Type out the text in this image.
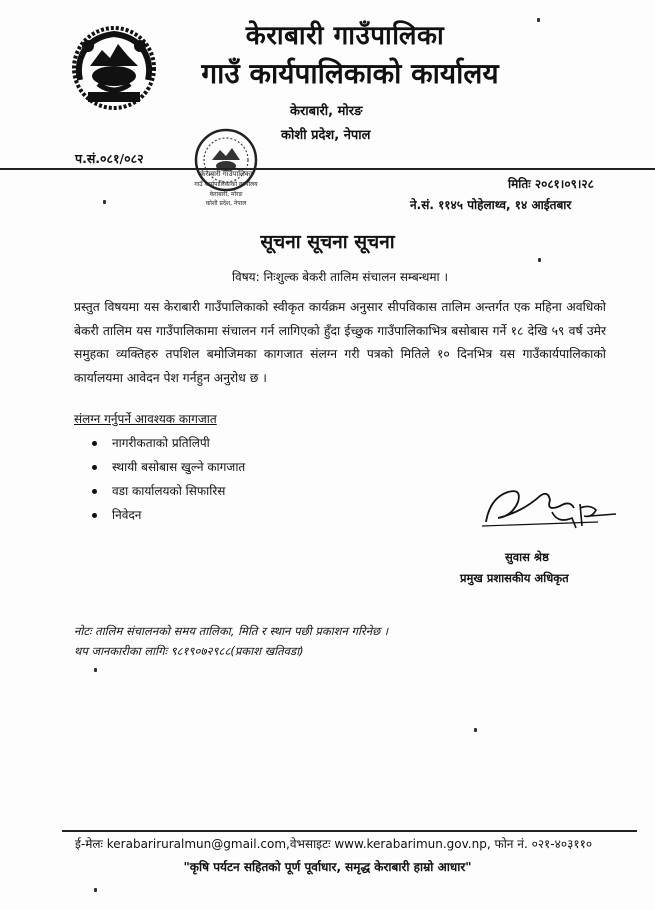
केराबारी गाउँपालिका
गाउँ कार्यपालिकाको कार्यालय
केराबारी, मोरङ
कोशी प्रदेश, नेपाल
केराबारी गाउँपालिका
गाउँ कार्यपालिकाको कार्यालय
केराबारी, मोरङ
कोशी प्रदेश, नेपाल
प.सं.०८१/०८२
मितिः २०८१।०९।२८
ने.सं. ११४५ पोहेलाथ्व, १४ आईतबार
सूचना सूचना सूचना
विषय: निःशुल्क बेकरी तालिम संचालन सम्बन्धमा ।
प्रस्तुत विषयमा यस केराबारी गाउँपालिकाको स्वीकृत कार्यक्रम अनुसार सीपविकास तालिम अन्तर्गत एक महिना अवधिको बेकरी तालिम यस गाउँपालिकामा संचालन गर्न लागिएको हुँदा ईच्छुक गाउँपालिकाभित्र बसोबास गर्ने १८ देखि ५९ वर्ष उमेर समुहका व्यक्तिहरु तपशिल बमोजिमका कागजात संलग्न गरी पत्रको मितिले १० दिनभित्र यस गाउँकार्यपालिकाको कार्यालयमा आवेदन पेश गर्नहुन अनुरोध छ ।
संलग्न गर्नुपर्ने आवश्यक कागजात
नागरीकताको प्रतिलिपी
स्थायी बसोबास खुल्ने कागजात
वडा कार्यालयको सिफारिस
निवेदन
सुवास श्रेष्ठ
प्रमुख प्रशासकीय अधिकृत
नोटः तालिम संचालनको समय तालिका, मिति र स्थान पछी प्रकाशन गरिनेछ ।
थप जानकारीका लागिः ९८१९०७२९८८(प्रकाश खतिवडा)
ई-मेलः kerabariruralmun@gmail.com,वेभसाइटः www.kerabarimun.gov.np, फोन नं. ०२१-४०३११०
"कृषि पर्यटन सहितको पूर्ण पूर्वाधार, समृद्ध केराबारी हाम्रो आधार"
